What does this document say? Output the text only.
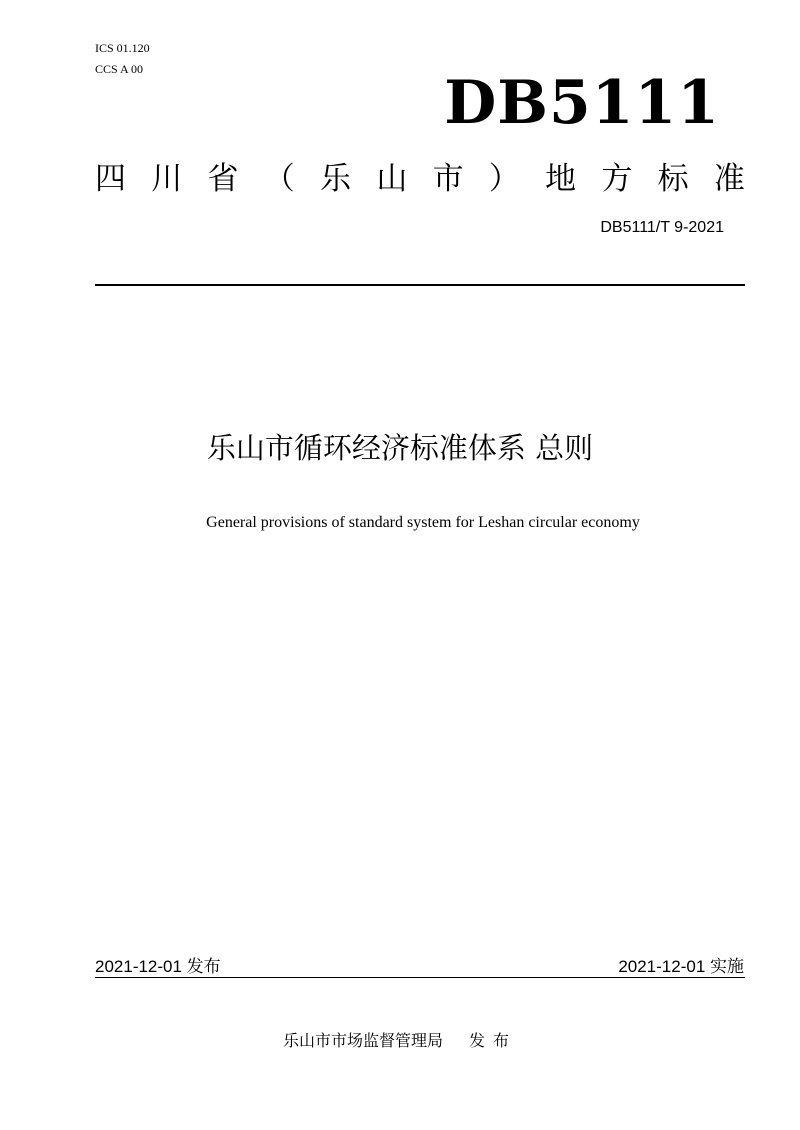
ICS 01.120
CCS A 00	DB5111
四 川 省 （ 乐 山 市 ） 地 方 标 准
DB5111/T 9-2021
乐山市循环经济标准体系 总则
General provisions of standard system for Leshan circular economy
2021-12-01 发布	2021-12-01 实施
乐山市市场监督管理局 发布
